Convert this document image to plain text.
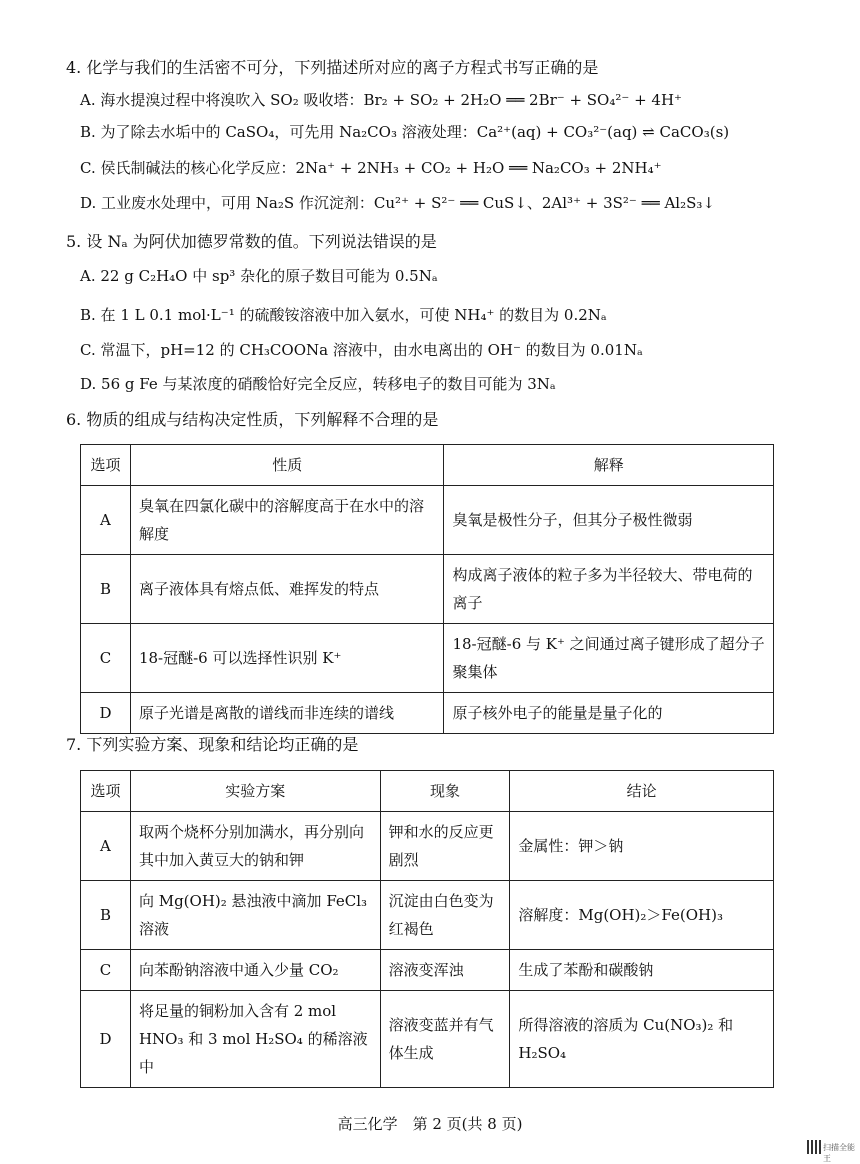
4. 化学与我们的生活密不可分，下列描述所对应的离子方程式书写正确的是
A. 海水提溴过程中将溴吹入 SO₂ 吸收塔：Br₂ + SO₂ + 2H₂O ══ 2Br⁻ + SO₄²⁻ + 4H⁺
B. 为了除去水垢中的 CaSO₄，可先用 Na₂CO₃ 溶液处理：Ca²⁺(aq) + CO₃²⁻(aq) ⇌ CaCO₃(s)
C. 侯氏制碱法的核心化学反应：2Na⁺ + 2NH₃ + CO₂ + H₂O ══ Na₂CO₃ + 2NH₄⁺
D. 工业废水处理中，可用 Na₂S 作沉淀剂：Cu²⁺ + S²⁻ ══ CuS↓、2Al³⁺ + 3S²⁻ ══ Al₂S₃↓
5. 设 Nₐ 为阿伏加德罗常数的值。下列说法错误的是
A. 22 g C₂H₄O 中 sp³ 杂化的原子数目可能为 0.5Nₐ
B. 在 1 L 0.1 mol·L⁻¹ 的硫酸铵溶液中加入氨水，可使 NH₄⁺ 的数目为 0.2Nₐ
C. 常温下，pH=12 的 CH₃COONa 溶液中，由水电离出的 OH⁻ 的数目为 0.01Nₐ
D. 56 g Fe 与某浓度的硝酸恰好完全反应，转移电子的数目可能为 3Nₐ
6. 物质的组成与结构决定性质，下列解释不合理的是
选项	性质	解释
A	臭氧在四氯化碳中的溶解度高于在水中的溶解度	臭氧是极性分子，但其分子极性微弱
B	离子液体具有熔点低、难挥发的特点	构成离子液体的粒子多为半径较大、带电荷的离子
C	18-冠醚-6 可以选择性识别 K⁺	18-冠醚-6 与 K⁺ 之间通过离子键形成了超分子聚集体
D	原子光谱是离散的谱线而非连续的谱线	原子核外电子的能量是量子化的
7. 下列实验方案、现象和结论均正确的是
选项	实验方案	现象	结论
A	取两个烧杯分别加满水，再分别向其中加入黄豆大的钠和钾	钾和水的反应更剧烈	金属性：钾＞钠
B	向 Mg(OH)₂ 悬浊液中滴加 FeCl₃ 溶液	沉淀由白色变为红褐色	溶解度：Mg(OH)₂＞Fe(OH)₃
C	向苯酚钠溶液中通入少量 CO₂	溶液变浑浊	生成了苯酚和碳酸钠
D	将足量的铜粉加入含有 2 mol HNO₃ 和 3 mol H₂SO₄ 的稀溶液中	溶液变蓝并有气体生成	所得溶液的溶质为 Cu(NO₃)₂ 和 H₂SO₄
高三化学　第 2 页(共 8 页)
扫描全能王
